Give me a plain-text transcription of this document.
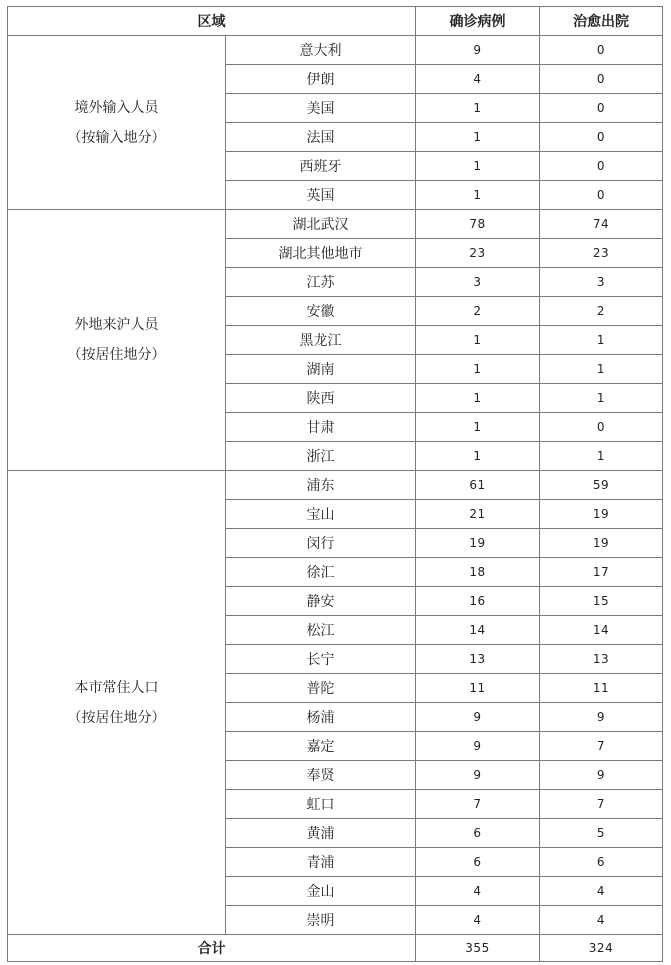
区域		确诊病例	治愈出院

境外输入人员
（按输入地分）	意大利	9	0
	伊朗	4	0
	美国	1	0
	法国	1	0
	西班牙	1	0
	英国	1	0

外地来沪人员
（按居住地分）	湖北武汉	78	74
	湖北其他地市	23	23
	江苏	3	3
	安徽	2	2
	黑龙江	1	1
	湖南	1	1
	陕西	1	1
	甘肃	1	0
	浙江	1	1

本市常住人口
（按居住地分）	浦东	61	59
	宝山	21	19
	闵行	19	19
	徐汇	18	17
	静安	16	15
	松江	14	14
	长宁	13	13
	普陀	11	11
	杨浦	9	9
	嘉定	9	7
	奉贤	9	9
	虹口	7	7
	黄浦	6	5
	青浦	6	6
	金山	4	4
	崇明	4	4
合计		355	324
